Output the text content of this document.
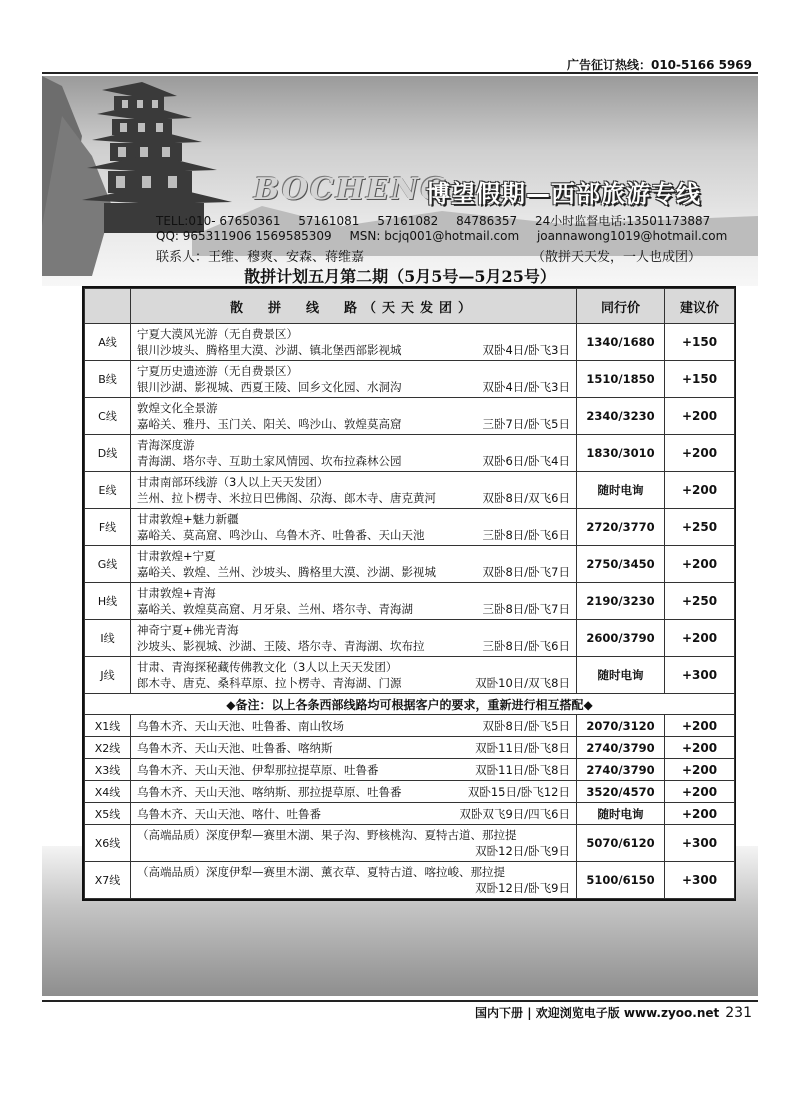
广告征订热线：010-5166 5969
BOCHENG
博望假期—西部旅游专线
TELL:010- 67650361 57161081 57161082 84786357 24小时监督电话:13501173887
QQ: 965311906 1569585309 MSN: bcjq001@hotmail.com joannawong1019@hotmail.com
联系人：王维、穆爽、安森、蒋维嘉	（散拼天天发，一人也成团）
散拼计划五月第二期（5月5号—5月25号）
	散　拼　线　路（天天发团）	同行价	建议价
A线	宁夏大漠风光游（无自费景区）
银川沙坡头、腾格里大漠、沙湖、镇北堡西部影视城 双卧4日/卧飞3日	1340/1680	+150
B线	宁夏历史遗迹游（无自费景区）
银川沙湖、影视城、西夏王陵、回乡文化园、水洞沟 双卧4日/卧飞3日	1510/1850	+150
C线	敦煌文化全景游
嘉峪关、雅丹、玉门关、阳关、鸣沙山、敦煌莫高窟 三卧7日/卧飞5日	2340/3230	+200
D线	青海深度游
青海湖、塔尔寺、互助土家风情园、坎布拉森林公园 双卧6日/卧飞4日	1830/3010	+200
E线	甘肃南部环线游（3人以上天天发团）
兰州、拉卜楞寺、米拉日巴佛阁、尕海、郎木寺、唐克黄河 双卧8日/双飞6日	随时电询	+200
F线	甘肃敦煌+魅力新疆
嘉峪关、莫高窟、鸣沙山、乌鲁木齐、吐鲁番、天山天池 三卧8日/卧飞6日	2720/3770	+250
G线	甘肃敦煌+宁夏
嘉峪关、敦煌、兰州、沙坡头、腾格里大漠、沙湖、影视城 双卧8日/卧飞7日	2750/3450	+200
H线	甘肃敦煌+青海
嘉峪关、敦煌莫高窟、月牙泉、兰州、塔尔寺、青海湖 三卧8日/卧飞7日	2190/3230	+250
I线	神奇宁夏+佛光青海
沙坡头、影视城、沙湖、王陵、塔尔寺、青海湖、坎布拉 三卧8日/卧飞6日	2600/3790	+200
J线	甘肃、青海探秘藏传佛教文化（3人以上天天发团）
郎木寺、唐克、桑科草原、拉卜楞寺、青海湖、门源 双卧10日/双飞8日	随时电询	+300
◆备注：以上各条西部线路均可根据客户的要求，重新进行相互搭配◆			
X1线	乌鲁木齐、天山天池、吐鲁番、南山牧场 双卧8日/卧飞5日	2070/3120	+200
X2线	乌鲁木齐、天山天池、吐鲁番、喀纳斯 双卧11日/卧飞8日	2740/3790	+200
X3线	乌鲁木齐、天山天池、伊犁那拉提草原、吐鲁番 双卧11日/卧飞8日	2740/3790	+200
X4线	乌鲁木齐、天山天池、喀纳斯、那拉提草原、吐鲁番 双卧15日/卧飞12日	3520/4570	+200
X5线	乌鲁木齐、天山天池、喀什、吐鲁番 双卧双飞9日/四飞6日	随时电询	+200
X6线	（高端品质）深度伊犁—赛里木湖、果子沟、野核桃沟、夏特古道、那拉提
双卧12日/卧飞9日	5070/6120	+300
X7线	（高端品质）深度伊犁—赛里木湖、薰衣草、夏特古道、喀拉峻、那拉提
双卧12日/卧飞9日	5100/6150	+300
国内下册 | 欢迎浏览电子版 www.zyoo.net 231
